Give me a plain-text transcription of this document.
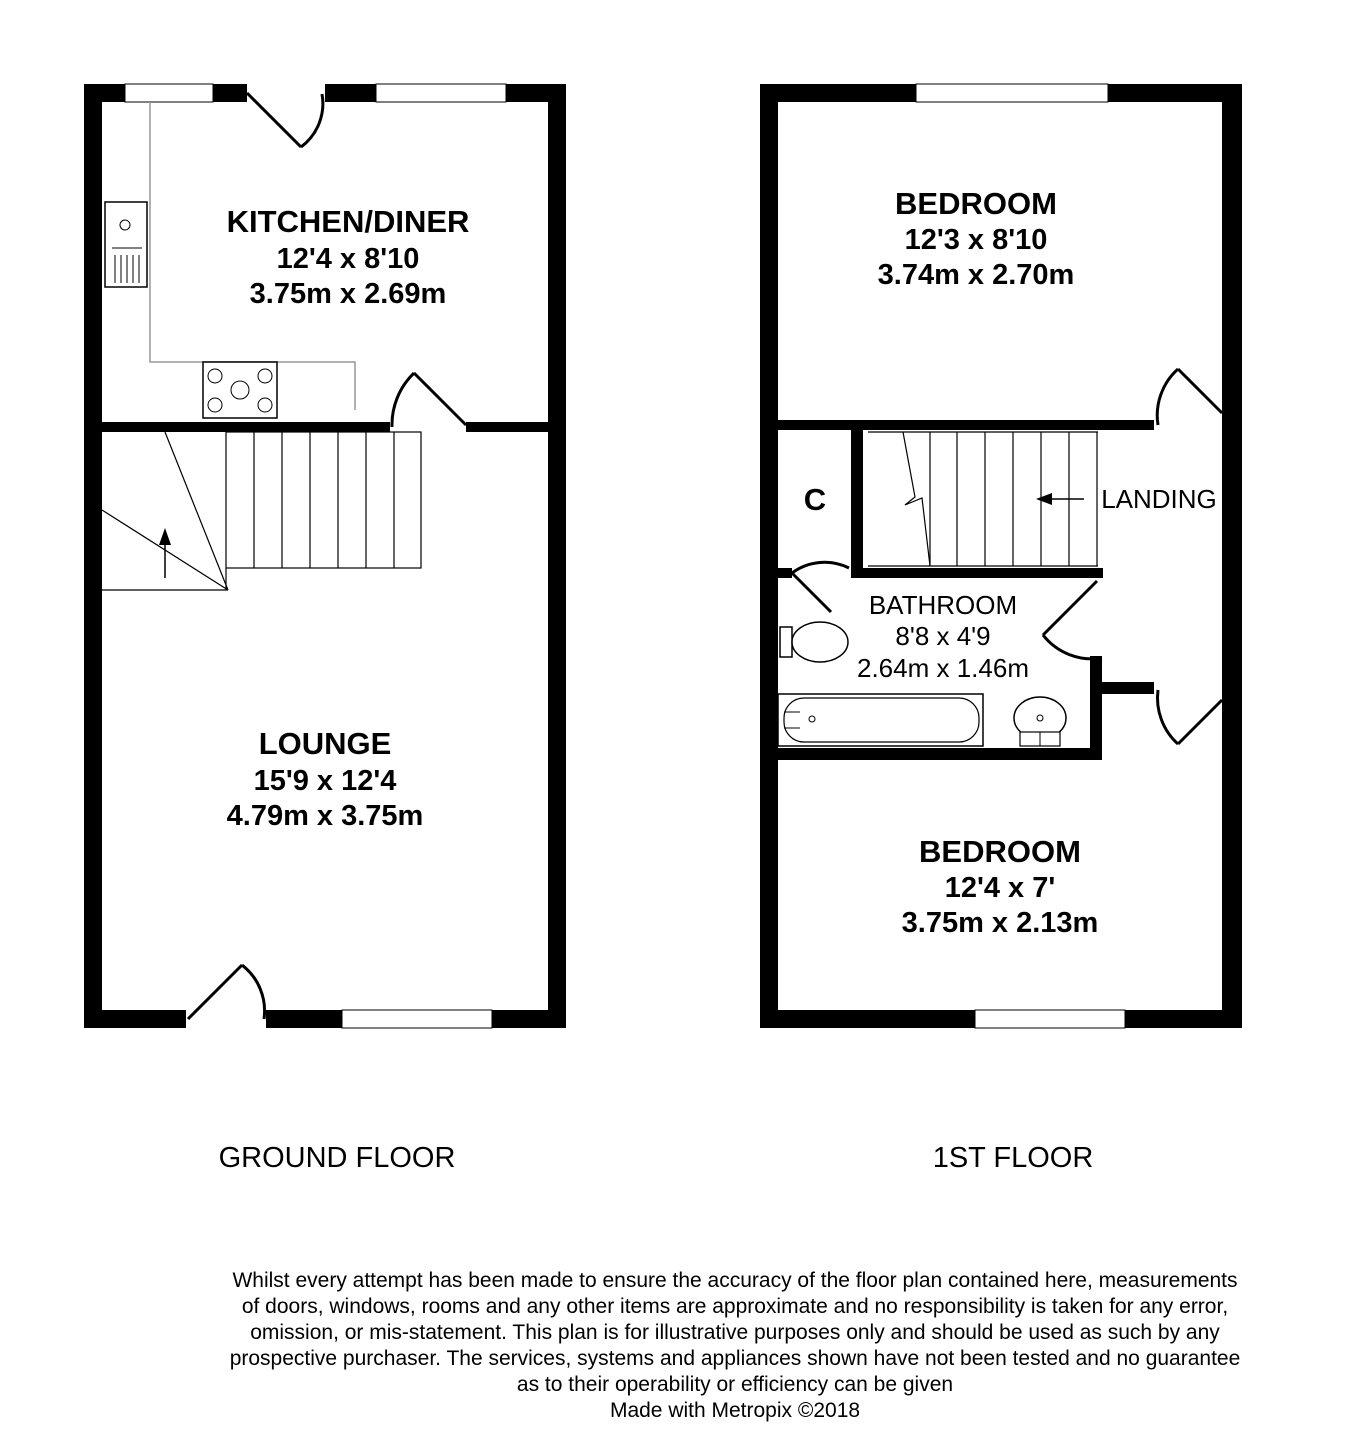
KITCHEN/DINER
12'4 x 8'10
3.75m x 2.69m
LOUNGE
15'9 x 12'4
4.79m x 3.75m
GROUND FLOOR
BEDROOM
12'3 x 8'10
3.74m x 2.70m
C	LANDING
BATHROOM
8'8 x 4'9
2.64m x 1.46m
BEDROOM
12'4 x 7'
3.75m x 2.13m
1ST FLOOR
Whilst every attempt has been made to ensure the accuracy of the floor plan contained here, measurements
of doors, windows, rooms and any other items are approximate and no responsibility is taken for any error,
omission, or mis-statement. This plan is for illustrative purposes only and should be used as such by any
prospective purchaser. The services, systems and appliances shown have not been tested and no guarantee
as to their operability or efficiency can be given
Made with Metropix ©2018
